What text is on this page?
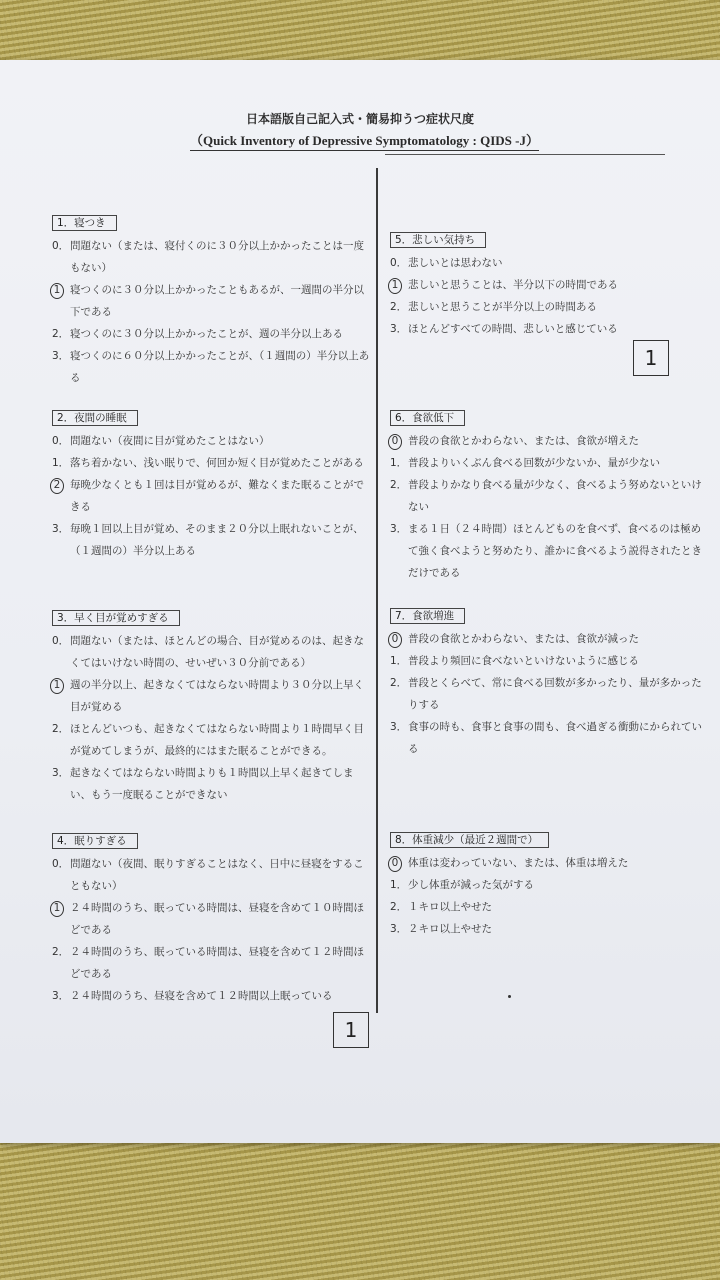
日本語版自己記入式・簡易抑うつ症状尺度
（Quick Inventory of Depressive Symptomatology : QIDS -J）
1．寝つき
0． 問題ない（または、寝付くのに３０分以上かかったことは一度もない）
1 寝つくのに３０分以上かかったこともあるが、一週間の半分以下である
2． 寝つくのに３０分以上かかったことが、週の半分以上ある
3． 寝つくのに６０分以上かかったことが、（１週間の）半分以上ある
2．夜間の睡眠
0． 問題ない（夜間に目が覚めたことはない）
1． 落ち着かない、浅い眠りで、何回か短く目が覚めたことがある
2 毎晩少なくとも１回は目が覚めるが、難なくまた眠ることができる
3． 毎晩１回以上目が覚め、そのまま２０分以上眠れないことが、（１週間の）半分以上ある
3．早く目が覚めすぎる
0． 問題ない（または、ほとんどの場合、目が覚めるのは、起きなくてはいけない時間の、せいぜい３０分前である）
1 週の半分以上、起きなくてはならない時間より３０分以上早く目が覚める
2． ほとんどいつも、起きなくてはならない時間より１時間早く目が覚めてしまうが、最終的にはまた眠ることができる。
3． 起きなくてはならない時間よりも１時間以上早く起きてしまい、もう一度眠ることができない
4．眠りすぎる
0． 問題ない（夜間、眠りすぎることはなく、日中に昼寝をすることもない）
1 ２４時間のうち、眠っている時間は、昼寝を含めて１０時間ほどである
2． ２４時間のうち、眠っている時間は、昼寝を含めて１２時間ほどである
3． ２４時間のうち、昼寝を含めて１２時間以上眠っている
5．悲しい気持ち
0． 悲しいとは思わない
1 悲しいと思うことは、半分以下の時間である
2． 悲しいと思うことが半分以上の時間ある
3． ほとんどすべての時間、悲しいと感じている
1
6．食欲低下
0 普段の食欲とかわらない、または、食欲が増えた
1． 普段よりいくぶん食べる回数が少ないか、量が少ない
2． 普段よりかなり食べる量が少なく、食べるよう努めないといけない
3． まる１日（２４時間）ほとんどものを食べず、食べるのは極めて強く食べようと努めたり、誰かに食べるよう説得されたときだけである
7．食欲増進
0 普段の食欲とかわらない、または、食欲が減った
1． 普段より頻回に食べないといけないように感じる
2． 普段とくらべて、常に食べる回数が多かったり、量が多かったりする
3． 食事の時も、食事と食事の間も、食べ過ぎる衝動にかられている
8．体重減少（最近２週間で）
0 体重は変わっていない、または、体重は増えた
1． 少し体重が減った気がする
2． １キロ以上やせた
3． ２キロ以上やせた
1
